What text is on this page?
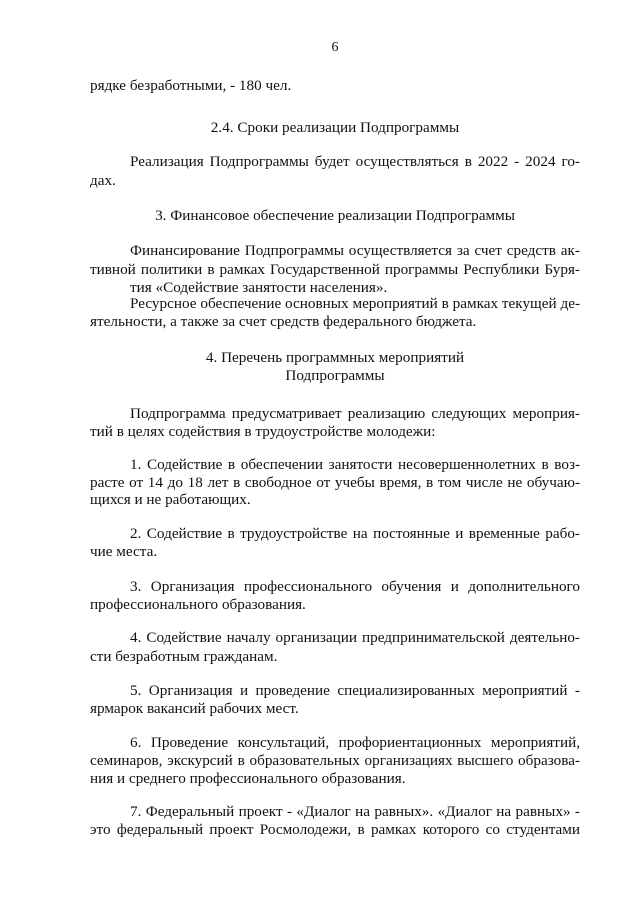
6
рядке безработными, - 180 чел.
2.4. Сроки реализации Подпрограммы
Реализация Подпрограммы будет осуществляться в 2022 - 2024 го-
дах.
3. Финансовое обеспечение реализации Подпрограммы
Финансирование Подпрограммы осуществляется за счет средств ак-
тивной политики в рамках Государственной программы Республики Буря-
тия «Содействие занятости населения».
Ресурсное обеспечение основных мероприятий в рамках текущей де-
ятельности, а также за счет средств федерального бюджета.
4. Перечень программных мероприятий
Подпрограммы
Подпрограмма предусматривает реализацию следующих мероприя-
тий в целях содействия в трудоустройстве молодежи:
1. Содействие в обеспечении занятости несовершеннолетних в воз-
расте от 14 до 18 лет в свободное от учебы время, в том числе не обучаю-
щихся и не работающих.
2. Содействие в трудоустройстве на постоянные и временные рабо-
чие места.
3. Организация профессионального обучения и дополнительного
профессионального образования.
4. Содействие началу организации предпринимательской деятельно-
сти безработным гражданам.
5. Организация и проведение специализированных мероприятий -
ярмарок вакансий рабочих мест.
6. Проведение консультаций, профориентационных мероприятий,
семинаров, экскурсий в образовательных организациях высшего образова-
ния и среднего профессионального образования.
7. Федеральный проект - «Диалог на равных». «Диалог на равных» -
это федеральный проект Росмолодежи, в рамках которого со студентами
